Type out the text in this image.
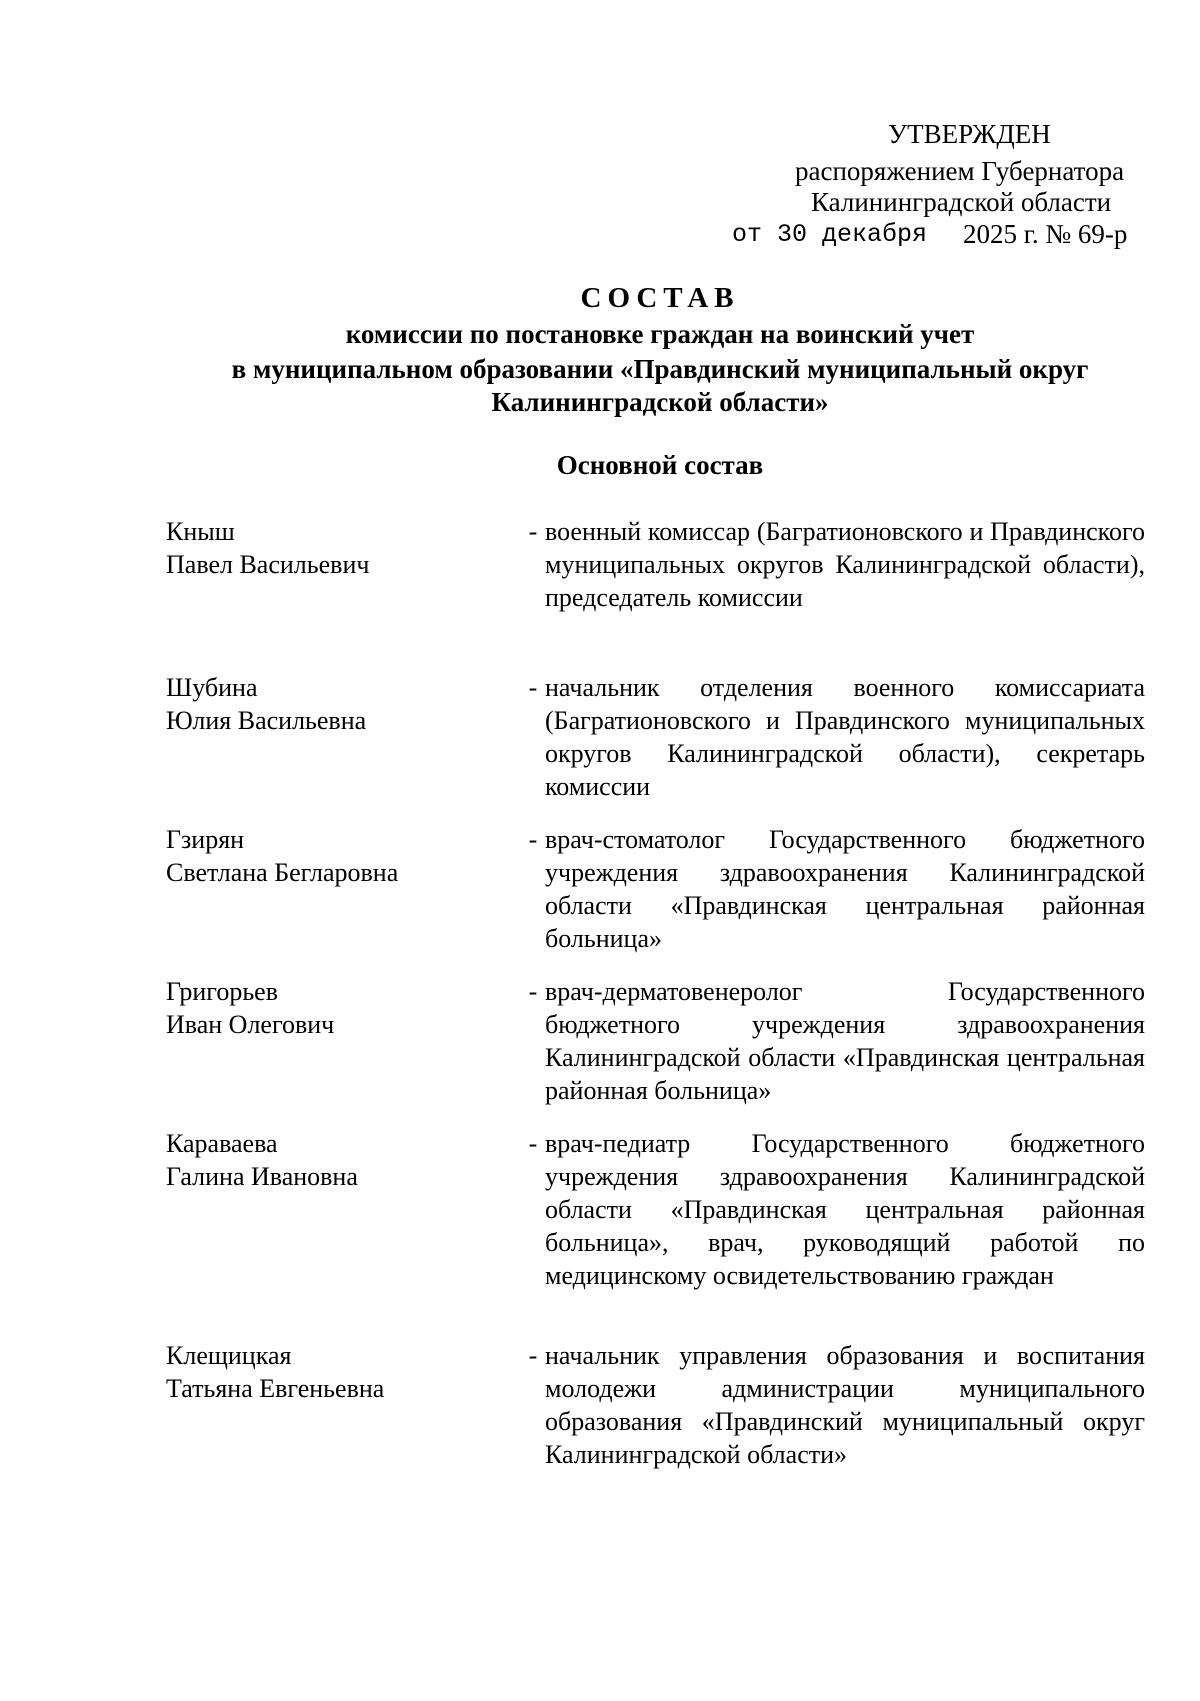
УТВЕРЖДЕН
распоряжением Губернатора
Калининградской области
от 30 декабря 2025 г. № 69-р
СОСТАВ
комиссии по постановке граждан на воинский учет
в муниципальном образовании «Правдинский муниципальный округ
Калининградской области»
Основной состав
Кныш
Павел Васильевич
- военный комиссар (Багратионовского и Правдинского муниципальных округов Калининградской области), председатель комиссии
Шубина
Юлия Васильевна
- начальник отделения военного комиссариата (Багратионовского и Правдинского муниципальных округов Калининградской области), секретарь комиссии
Гзирян
Светлана Бегларовна
- врач-стоматолог Государственного бюджетного учреждения здравоохранения Калининградской области «Правдинская центральная районная больница»
Григорьев
Иван Олегович
- врач-дерматовенеролог Государственного бюджетного учреждения здравоохранения Калининградской области «Правдинская центральная районная больница»
Караваева
Галина Ивановна
- врач-педиатр Государственного бюджетного учреждения здравоохранения Калининградской области «Правдинская центральная районная больница», врач, руководящий работой по медицинскому освидетельствованию граждан
Клещицкая
Татьяна Евгеньевна
- начальник управления образования и воспитания молодежи администрации муниципального образования «Правдинский муниципальный округ Калининградской области»
